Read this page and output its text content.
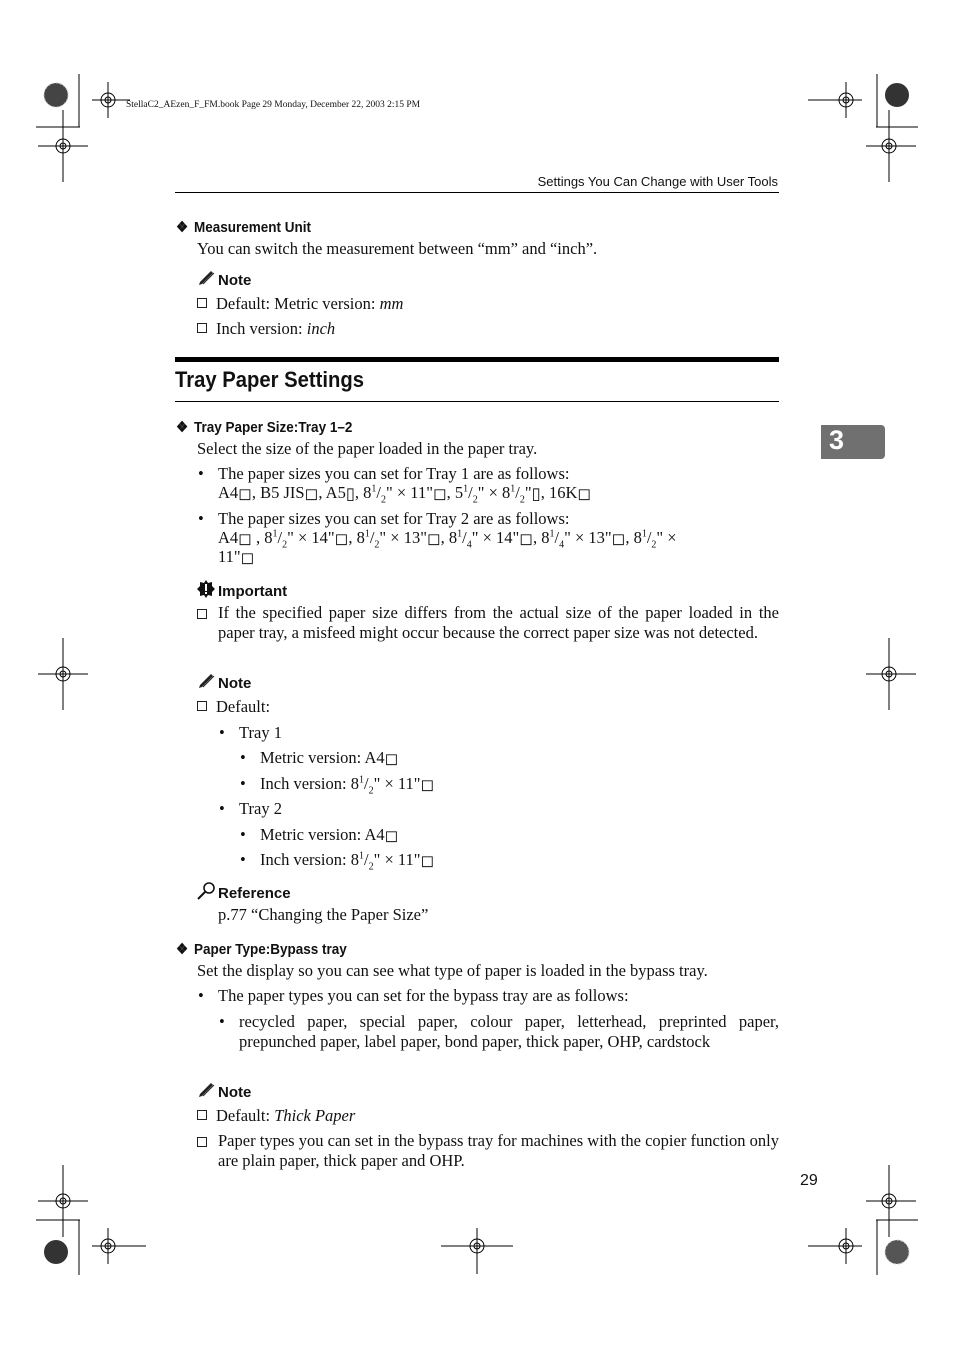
StellaC2_AEzen_F_FM.book Page 29 Monday, December 22, 2003 2:15 PM
Settings You Can Change with User Tools
3
❖ Measurement Unit
You can switch the measurement between “mm” and “inch”.
Note
Default: Metric version: mm
Inch version: inch
Tray Paper Settings
❖ Tray Paper Size:Tray 1–2
Select the size of the paper loaded in the paper tray.
• The paper sizes you can set for Tray 1 are as follows:
A4◻, B5 JIS◻, A5▯, $8^1/_2$" × 11"◻, $5^1/_2$" × $8^1/_2"▯$, 16K◻
• The paper sizes you can set for Tray 2 are as follows:
A4◻ , $8^1/_2$" × 14"◻, $8^1/_2$" × 13"◻, $8^1/_4$" × 14"◻, $8^1/_4$" × 13"◻, $8^1/_2$" ×
11"◻
Important
If the specified paper size differs from the actual size of the paper loaded in the paper tray, a misfeed might occur because the correct paper size was not detected.
Note
Default:
• Tray 1
• Metric version: A4◻
• Inch version: $8^1/_2$" × 11"◻
• Tray 2
• Metric version: A4◻
• Inch version: $8^1/_2$" × 11"◻
Reference
p.77 “Changing the Paper Size”
❖ Paper Type:Bypass tray
Set the display so you can see what type of paper is loaded in the bypass tray.
• The paper types you can set for the bypass tray are as follows:
• recycled paper, special paper, colour paper, letterhead, preprinted paper, prepunched paper, label paper, bond paper, thick paper, OHP, cardstock
Note
Default: Thick Paper
Paper types you can set in the bypass tray for machines with the copier function only are plain paper, thick paper and OHP.
29
